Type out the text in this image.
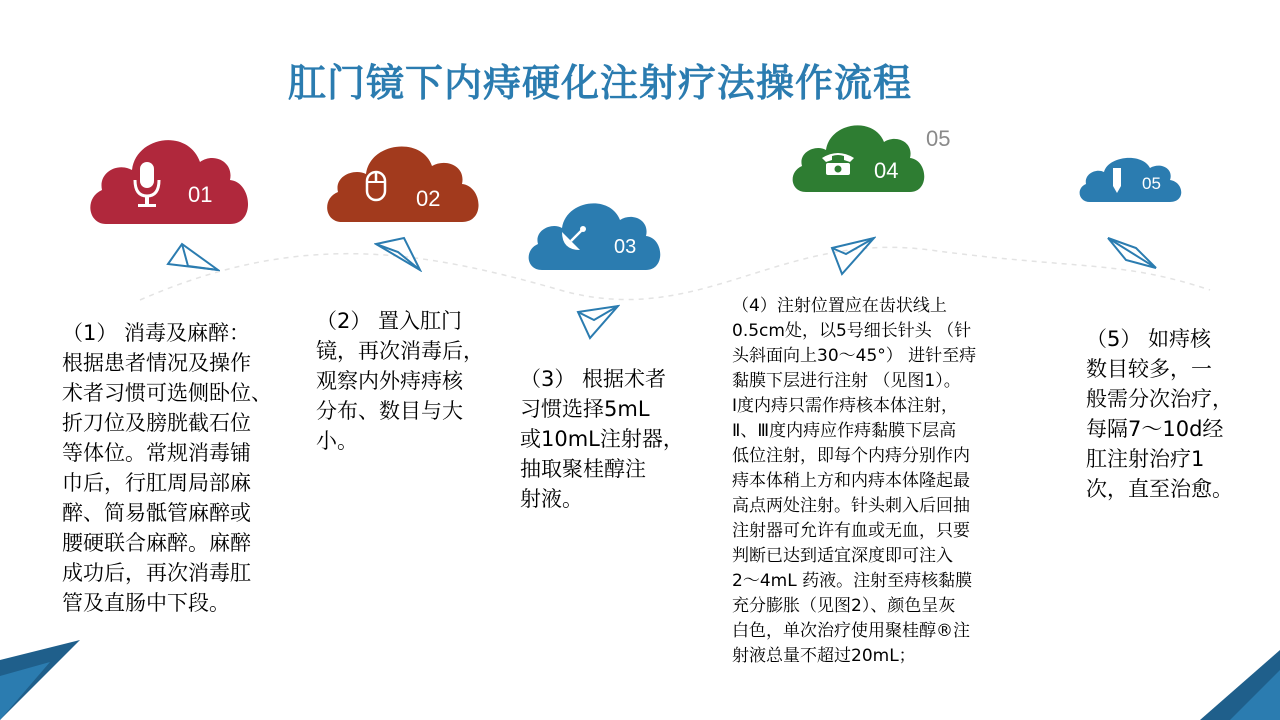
肛门镜下内痔硬化注射疗法操作流程
05
01	02
03
04
05
（1） 消毒及麻醉：
根据患者情况及操作
术者习惯可选侧卧位、
折刀位及膀胱截石位
等体位。常规消毒铺
巾后，行肛周局部麻
醉、简易骶管麻醉或
腰硬联合麻醉。麻醉
成功后，再次消毒肛
管及直肠中下段。
（2） 置入肛门
镜，再次消毒后，
观察内外痔痔核
分布、数目与大
小。
（3） 根据术者
习惯选择5mL
或10mL注射器，
抽取聚桂醇注
射液。
（4）注射位置应在齿状线上
0.5cm处，以5号细长针头 （针
头斜面向上30～45°） 进针至痔
黏膜下层进行注射 （见图1）。
Ⅰ度内痔只需作痔核本体注射，
Ⅱ、Ⅲ度内痔应作痔黏膜下层高
低位注射，即每个内痔分别作内
痔本体稍上方和内痔本体隆起最
高点两处注射。针头刺入后回抽
注射器可允许有血或无血，只要
判断已达到适宜深度即可注入
2～4mL 药液。注射至痔核黏膜
充分膨胀（见图2）、颜色呈灰
白色，单次治疗使用聚桂醇®注
射液总量不超过20mL；
（5） 如痔核
数目较多，一
般需分次治疗，
每隔7～10d经
肛注射治疗1
次，直至治愈。
